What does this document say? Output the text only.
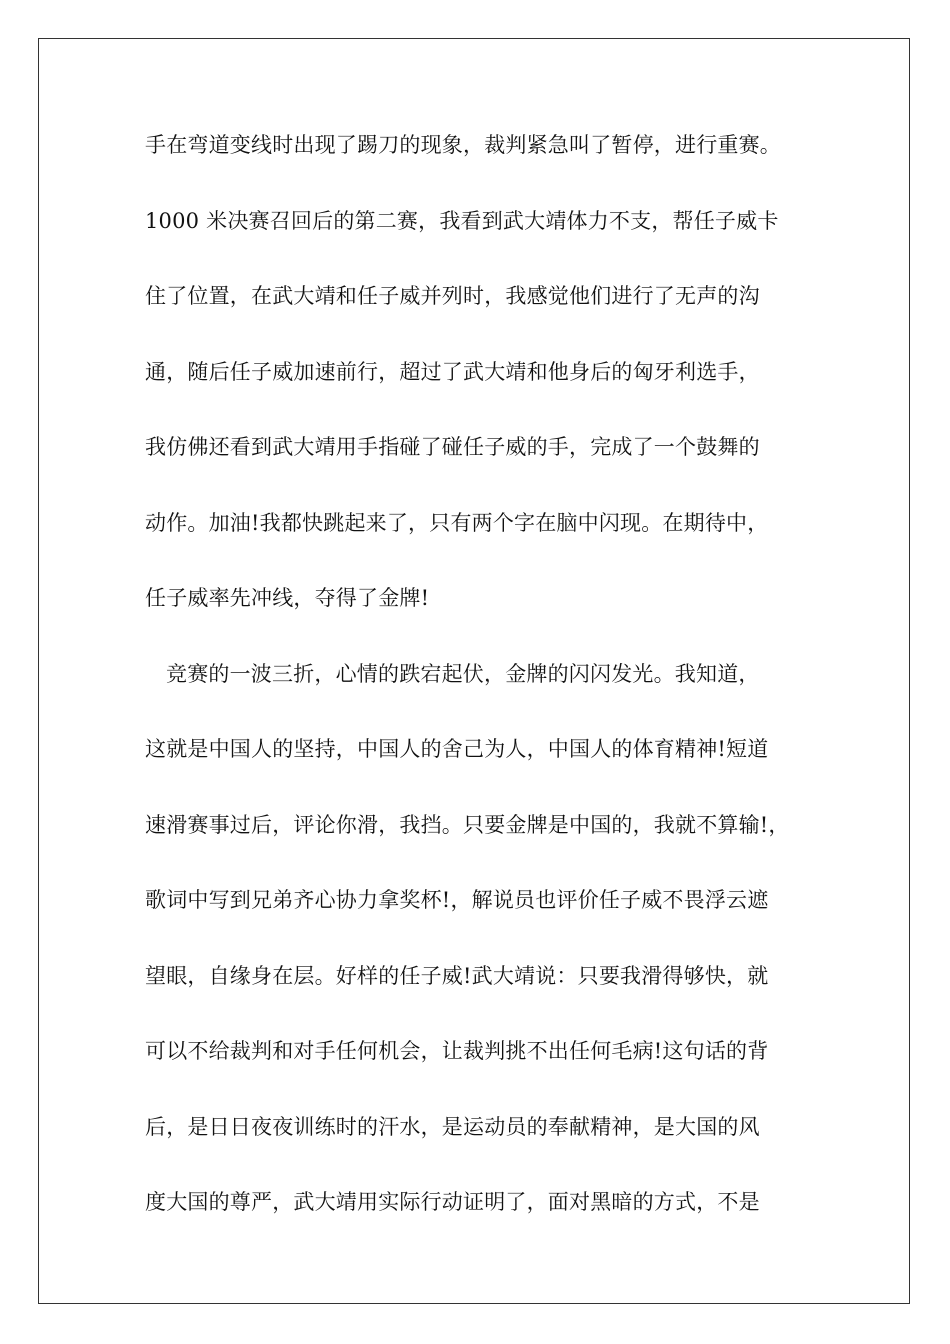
手在弯道变线时出现了踢刀的现象，裁判紧急叫了暂停，进行重赛。
1000 米决赛召回后的第二赛，我看到武大靖体力不支，帮任子威卡
住了位置，在武大靖和任子威并列时，我感觉他们进行了无声的沟
通，随后任子威加速前行，超过了武大靖和他身后的匈牙利选手，
我仿佛还看到武大靖用手指碰了碰任子威的手，完成了一个鼓舞的
动作。加油!我都快跳起来了，只有两个字在脑中闪现。在期待中，
任子威率先冲线，夺得了金牌!
竞赛的一波三折，心情的跌宕起伏，金牌的闪闪发光。我知道，
这就是中国人的坚持，中国人的舍己为人，中国人的体育精神!短道
速滑赛事过后，评论你滑，我挡。只要金牌是中国的，我就不算输!，
歌词中写到兄弟齐心协力拿奖杯!，解说员也评价任子威不畏浮云遮
望眼，自缘身在层。好样的任子威!武大靖说：只要我滑得够快，就
可以不给裁判和对手任何机会，让裁判挑不出任何毛病!这句话的背
后，是日日夜夜训练时的汗水，是运动员的奉献精神，是大国的风
度大国的尊严，武大靖用实际行动证明了，面对黑暗的方式，不是
